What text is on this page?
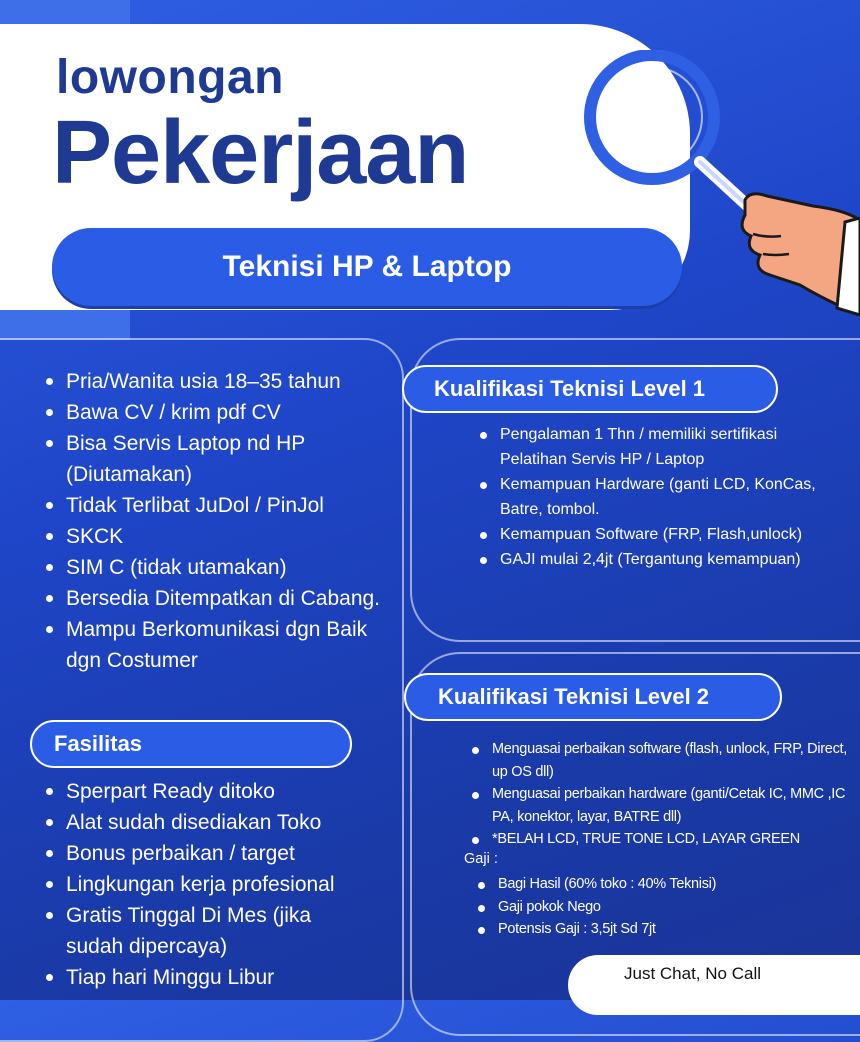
lowongan
Pekerjaan
Teknisi HP & Laptop
Pria/Wanita usia 18–35 tahun
Bawa CV / krim pdf CV
Bisa Servis Laptop nd HP (Diutamakan)
Tidak Terlibat JuDol / PinJol
SKCK
SIM C (tidak utamakan)
Bersedia Ditempatkan di Cabang.
Mampu Berkomunikasi dgn Baik dgn Costumer
Fasilitas
Sperpart Ready ditoko
Alat sudah disediakan Toko
Bonus perbaikan / target
Lingkungan kerja profesional
Gratis Tinggal Di Mes (jika sudah dipercaya)
Tiap hari Minggu Libur
Kualifikasi Teknisi Level 1
Pengalaman 1 Thn / memiliki sertifikasi Pelatihan Servis HP / Laptop
Kemampuan Hardware (ganti LCD, KonCas, Batre, tombol.
Kemampuan Software (FRP, Flash,unlock)
GAJI mulai 2,4jt (Tergantung kemampuan)
Kualifikasi Teknisi Level 2
Menguasai perbaikan software (flash, unlock, FRP, Direct, up OS dll)
Menguasai perbaikan hardware (ganti/Cetak IC, MMC ,IC PA, konektor, layar, BATRE dll)
*BELAH LCD, TRUE TONE LCD, LAYAR GREEN
Gaji :
Bagi Hasil (60% toko : 40% Teknisi)
Gaji pokok Nego
Potensis Gaji : 3,5jt Sd 7jt
Just Chat, No Call
